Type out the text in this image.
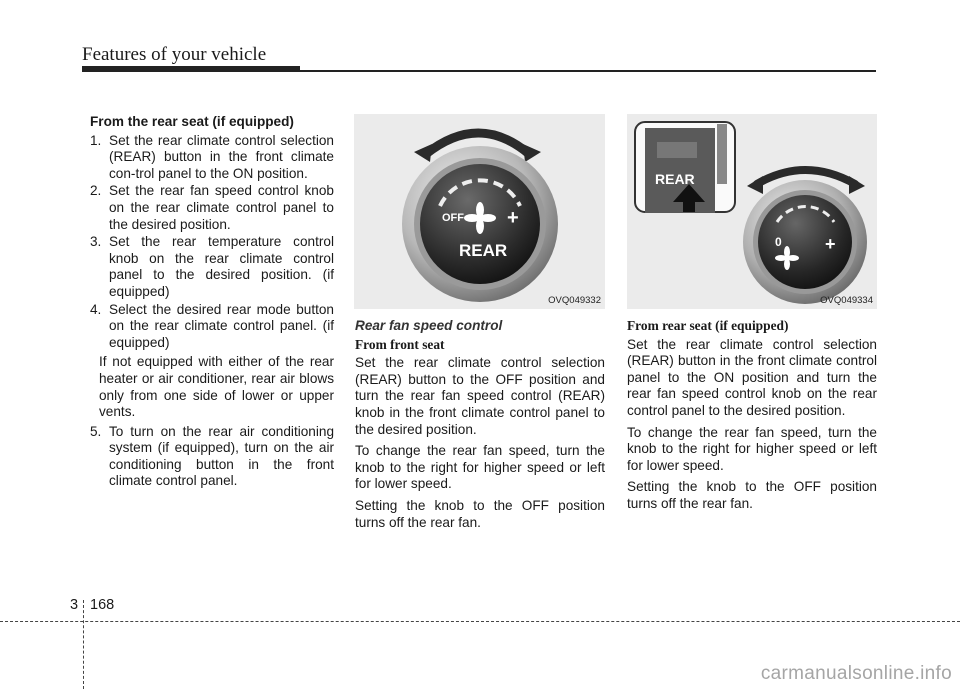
Features of your vehicle
From the rear seat (if equipped)
1. Set the rear climate control selection (REAR) button in the front climate con-trol panel to the ON position.
2. Set the rear fan speed control knob on the rear climate control panel to the desired position.
3. Set the rear temperature control knob on the rear climate control panel to the desired position. (if equipped)
4. Select the desired rear mode button on the rear climate control panel. (if equipped)
If not equipped with either of the rear heater or air conditioner, rear air blows only from one side of lower or upper vents.
5. To turn on the rear air conditioning system (if equipped), turn on the air conditioning button in the front climate control panel.
OFF +
REAR
OVQ049332
REAR
0 +
OVQ049334
Rear fan speed control
From front seat

Set the rear climate control selection (REAR) button to the OFF position and turn the rear fan speed control (REAR) knob in the front climate control panel to the desired position.

To change the rear fan speed, turn the knob to the right for higher speed or left for lower speed.

Setting the knob to the OFF position turns off the rear fan.

From rear seat (if equipped)

Set the rear climate control selection (REAR) button in the front climate control panel to the ON position and turn the rear fan speed control knob on the rear control panel to the desired position.

To change the rear fan speed, turn the knob to the right for higher speed or left for lower speed.

Setting the knob to the OFF position turns off the rear fan.

3 168
carmanualsonline.info
